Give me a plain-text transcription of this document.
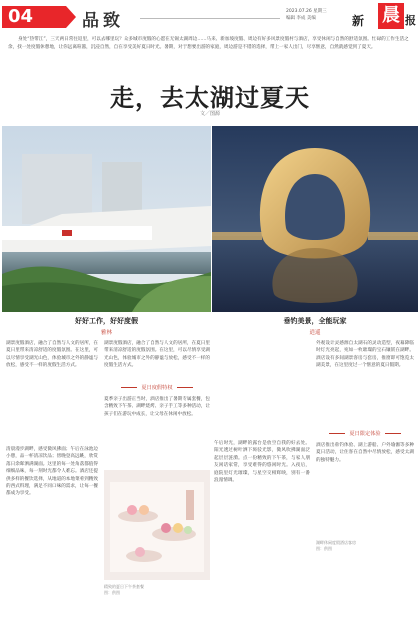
04	品致	2023.07.26 星期三
编辑 李成 美编	新 晨 报

身处“热带江”，三天两日常往返里，可以去哪里玩？众多城市度假的心愿在无锡太湖周边……马来、新加坡度假、周边有好多风景度假村与酒店，享受休闲与自然的舒适氛围。忙碌的工作生活之余，找一处度假休憩地，让你远离喧嚣，沉浸自然，自在享受美好夏日时光。暑期，对于想要出游的家庭，周边游是不错的选择，带上一家人出门，尽享惬意，自然就感觉到了夏天。

走，去太湖过夏天
文／图源
好好工作，好好度假
雅林
垂钓美景，全能玩家
逍遥

湖景度假酒店，融合了自然与人文的居所，在夏日里带来清凉舒适的度假氛围。在这里，可以尽情享受湖光山色，体验城市之外的静谧与放松，感受不一样的度假生活方式。

清晨漫步湖畔，感受微风拂面；午后在泳池边小憩，品一杯清凉饮品；傍晚登高远眺，欣赏落日余晖洒满湖面。这里的每一处角落都值得细细品味，每一刻时光都令人难忘。酒店还提供多样的餐饮选择，从地道的本地菜肴到精致的西式料理，满足不同口味的需求，让每一餐都成为享受。

湖景度假酒店，融合了自然与人文的居所，在夏日里带来清凉舒适的度假氛围。在这里，可以尽情享受湖光山色，体验城市之外的静谧与放松，感受不一样的度假生活方式。

夏日度假特权

夏季亲子出游正当时，酒店推出了暑期专属套餐，包含精致下午茶、湖畔烧烤、亲子手工等多种活动，让孩子们在游玩中成长，让父母在休闲中放松。

精致的夏日下午茶套餐
图：供图

午后时光，湖畔的露台是放空自我的好去处。阳光透过树叶洒下斑驳光影，微风吹拂湖面泛起层层涟漪。点一份精致的下午茶，与家人朋友闲话家常，享受难得的悠闲时光。入夜后，庭院里灯光璀璨，与星空交相辉映，别有一番浪漫情调。

外观设计灵感源自太湖石的灵动造型，夜幕降临时灯光亮起，宛如一枚璀璨的宝石镶嵌在湖畔。酒店设有多间湖景客房与套房，推窗即可饱览太湖美景，在这里度过一个惬意的夏日假期。

夏日限定体验

酒店推出垂钓体验、湖上游船、户外瑜伽等多种夏日活动，让住客在自然中尽情放松，感受太湖的独特魅力。

湖畔休闲度假酒店客房
图：供图
